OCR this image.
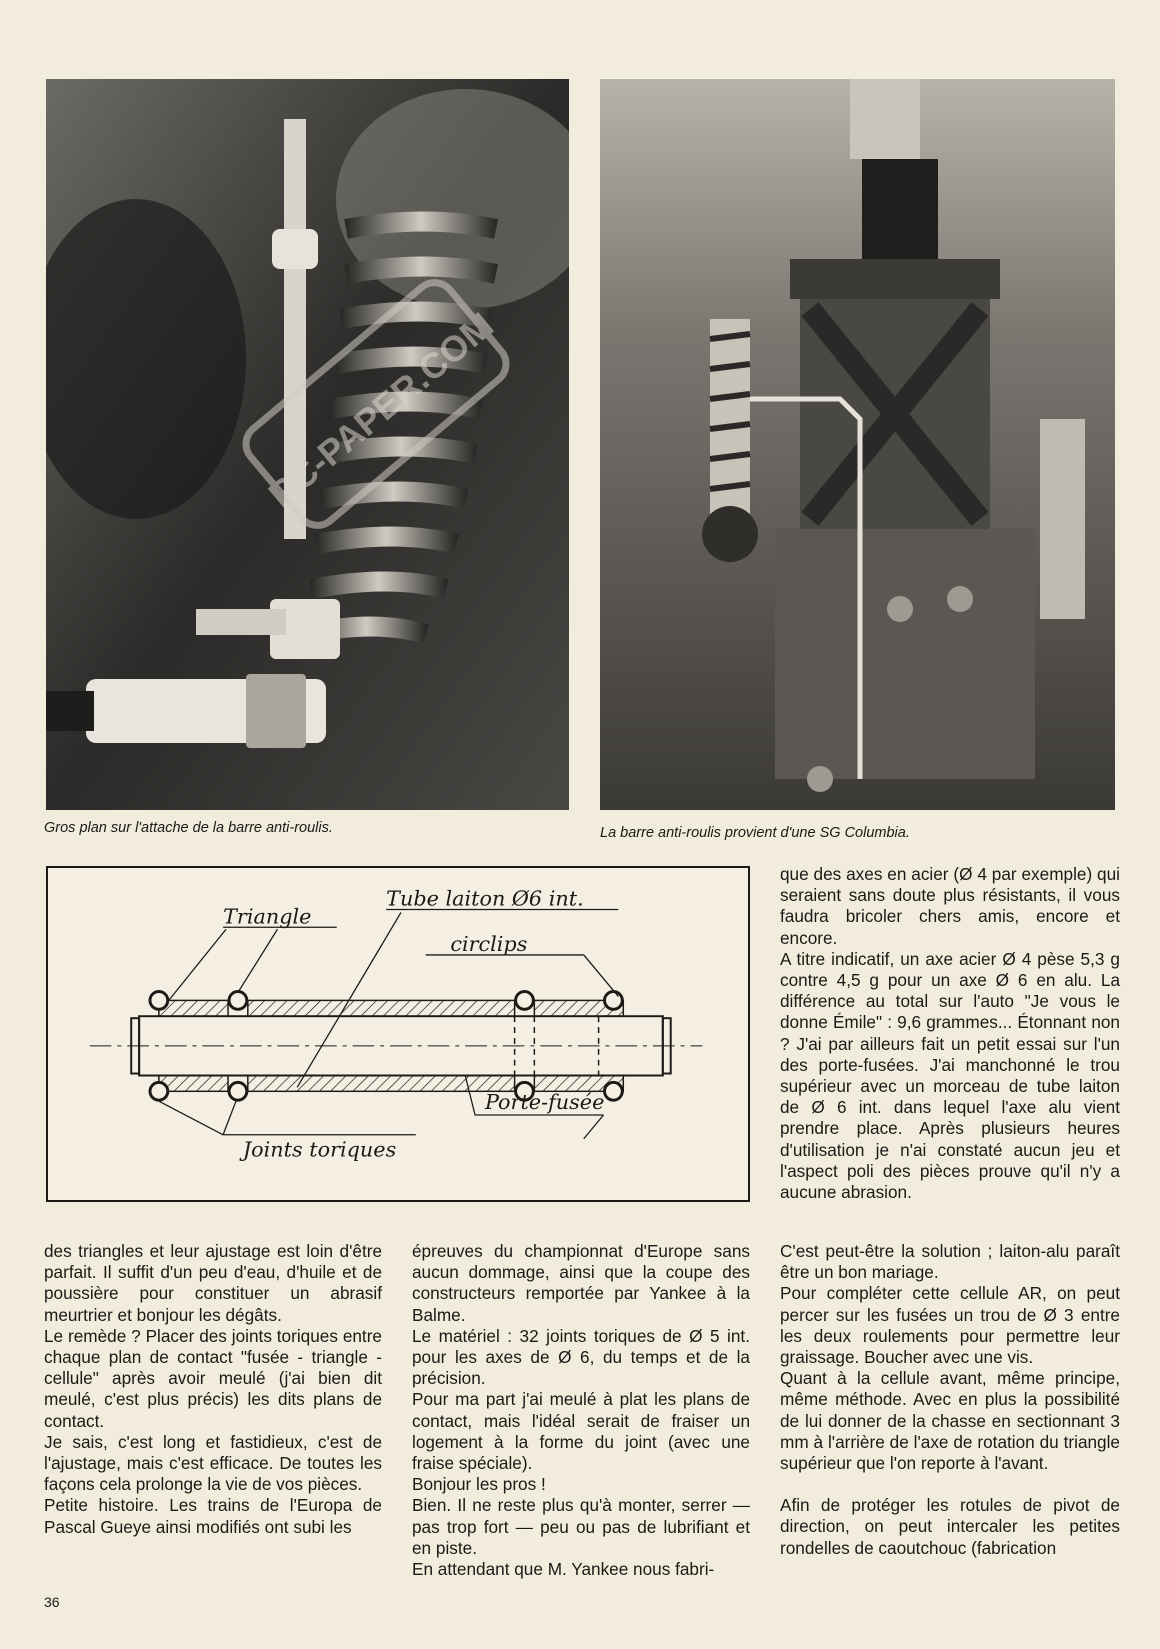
RC-PAPER.COM
Gros plan sur l'attache de la barre anti-roulis.	La barre anti-roulis provient d'une SG Columbia.
Triangle
Tube laiton Ø6 int.
circlips
Porte-fusée
Joints toriques

que des axes en acier (Ø 4 par exemple) qui seraient sans doute plus résistants, il vous faudra bricoler chers amis, encore et encore.

A titre indicatif, un axe acier Ø 4 pèse 5,3 g contre 4,5 g pour un axe Ø 6 en alu. La différence au total sur l'auto "Je vous le donne Émile" : 9,6 grammes... Étonnant non ? J'ai par ailleurs fait un petit essai sur l'un des porte-fusées. J'ai manchonné le trou supérieur avec un morceau de tube laiton de Ø 6 int. dans lequel l'axe alu vient prendre place. Après plusieurs heures d'utilisation je n'ai constaté aucun jeu et l'aspect poli des pièces prouve qu'il n'y a aucune abrasion.

des triangles et leur ajustage est loin d'être parfait. Il suffit d'un peu d'eau, d'huile et de poussière pour constituer un abrasif meurtrier et bonjour les dégâts.

Le remède ? Placer des joints toriques entre chaque plan de contact "fusée - triangle - cellule" après avoir meulé (j'ai bien dit meulé, c'est plus précis) les dits plans de contact.

Je sais, c'est long et fastidieux, c'est de l'ajustage, mais c'est efficace. De toutes les façons cela prolonge la vie de vos pièces.

Petite histoire. Les trains de l'Europa de Pascal Gueye ainsi modifiés ont subi les

épreuves du championnat d'Europe sans aucun dommage, ainsi que la coupe des constructeurs remportée par Yankee à la Balme.

Le matériel : 32 joints toriques de Ø 5 int. pour les axes de Ø 6, du temps et de la précision.

Pour ma part j'ai meulé à plat les plans de contact, mais l'idéal serait de fraiser un logement à la forme du joint (avec une fraise spéciale).

Bonjour les pros !

Bien. Il ne reste plus qu'à monter, serrer — pas trop fort — peu ou pas de lubrifiant et en piste.

En attendant que M. Yankee nous fabri-

C'est peut-être la solution ; laiton-alu paraît être un bon mariage.

Pour compléter cette cellule AR, on peut percer sur les fusées un trou de Ø 3 entre les deux roulements pour permettre leur graissage. Boucher avec une vis.

Quant à la cellule avant, même principe, même méthode. Avec en plus la possibilité de lui donner de la chasse en sectionnant 3 mm à l'arrière de l'axe de rotation du triangle supérieur que l'on reporte à l'avant.

Afin de protéger les rotules de pivot de direction, on peut intercaler les petites rondelles de caoutchouc (fabrication

36
